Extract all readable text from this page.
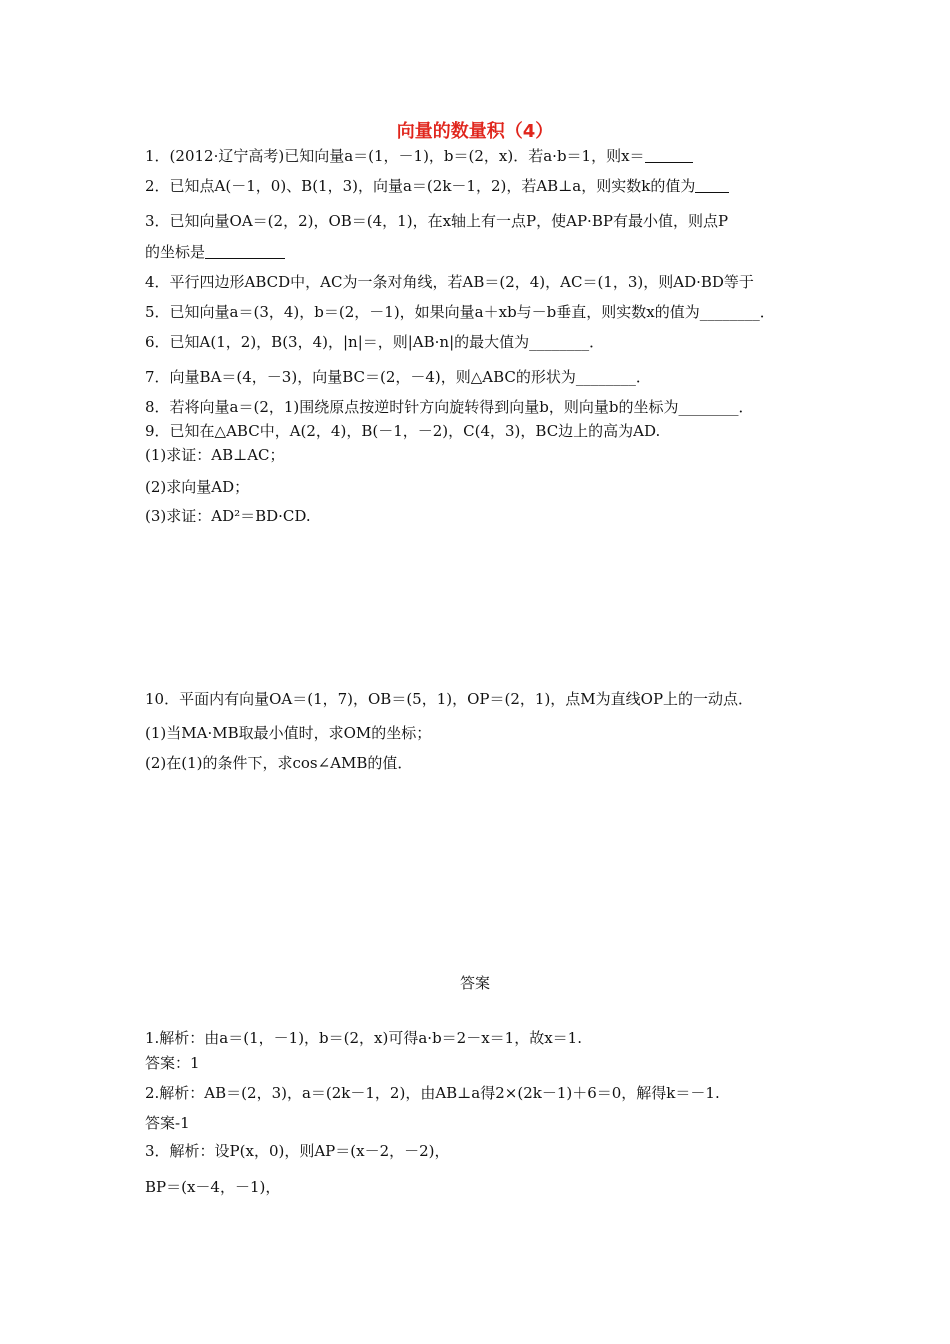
向量的数量积（4）
1．(2012·辽宁高考)已知向量a＝(1，－1)，b＝(2，x)．若a·b＝1，则x＝
2．已知点A(－1，0)、B(1，3)，向量a＝(2k－1，2)，若AB⊥a，则实数k的值为
3．已知向量OA＝(2，2)，OB＝(4，1)，在x轴上有一点P，使AP·BP有最小值，则点P
的坐标是
4．平行四边形ABCD中，AC为一条对角线，若AB＝(2，4)，AC＝(1，3)，则AD·BD等于
5．已知向量a＝(3，4)，b＝(2，－1)，如果向量a＋xb与－b垂直，则实数x的值为________．
6．已知A(1，2)，B(3，4)，|n|＝，则|AB·n|的最大值为________．
7．向量BA＝(4，－3)，向量BC＝(2，－4)，则△ABC的形状为________．
8．若将向量a＝(2，1)围绕原点按逆时针方向旋转得到向量b，则向量b的坐标为________．
9．已知在△ABC中，A(2，4)，B(－1，－2)，C(4，3)，BC边上的高为AD.
(1)求证：AB⊥AC；
(2)求向量AD；
(3)求证：AD²＝BD·CD.
10．平面内有向量OA＝(1，7)，OB＝(5，1)，OP＝(2，1)，点M为直线OP上的一动点．
(1)当MA·MB取最小值时，求OM的坐标；
(2)在(1)的条件下，求cos∠AMB的值．
答案
1.解析：由a＝(1，－1)，b＝(2，x)可得a·b＝2－x＝1，故x＝1.
答案：1
2.解析：AB＝(2，3)，a＝(2k－1，2)，由AB⊥a得2×(2k－1)＋6＝0，解得k＝－1.
答案-1
3．解析：设P(x，0)，则AP＝(x－2，－2)，
BP＝(x－4，－1)，
